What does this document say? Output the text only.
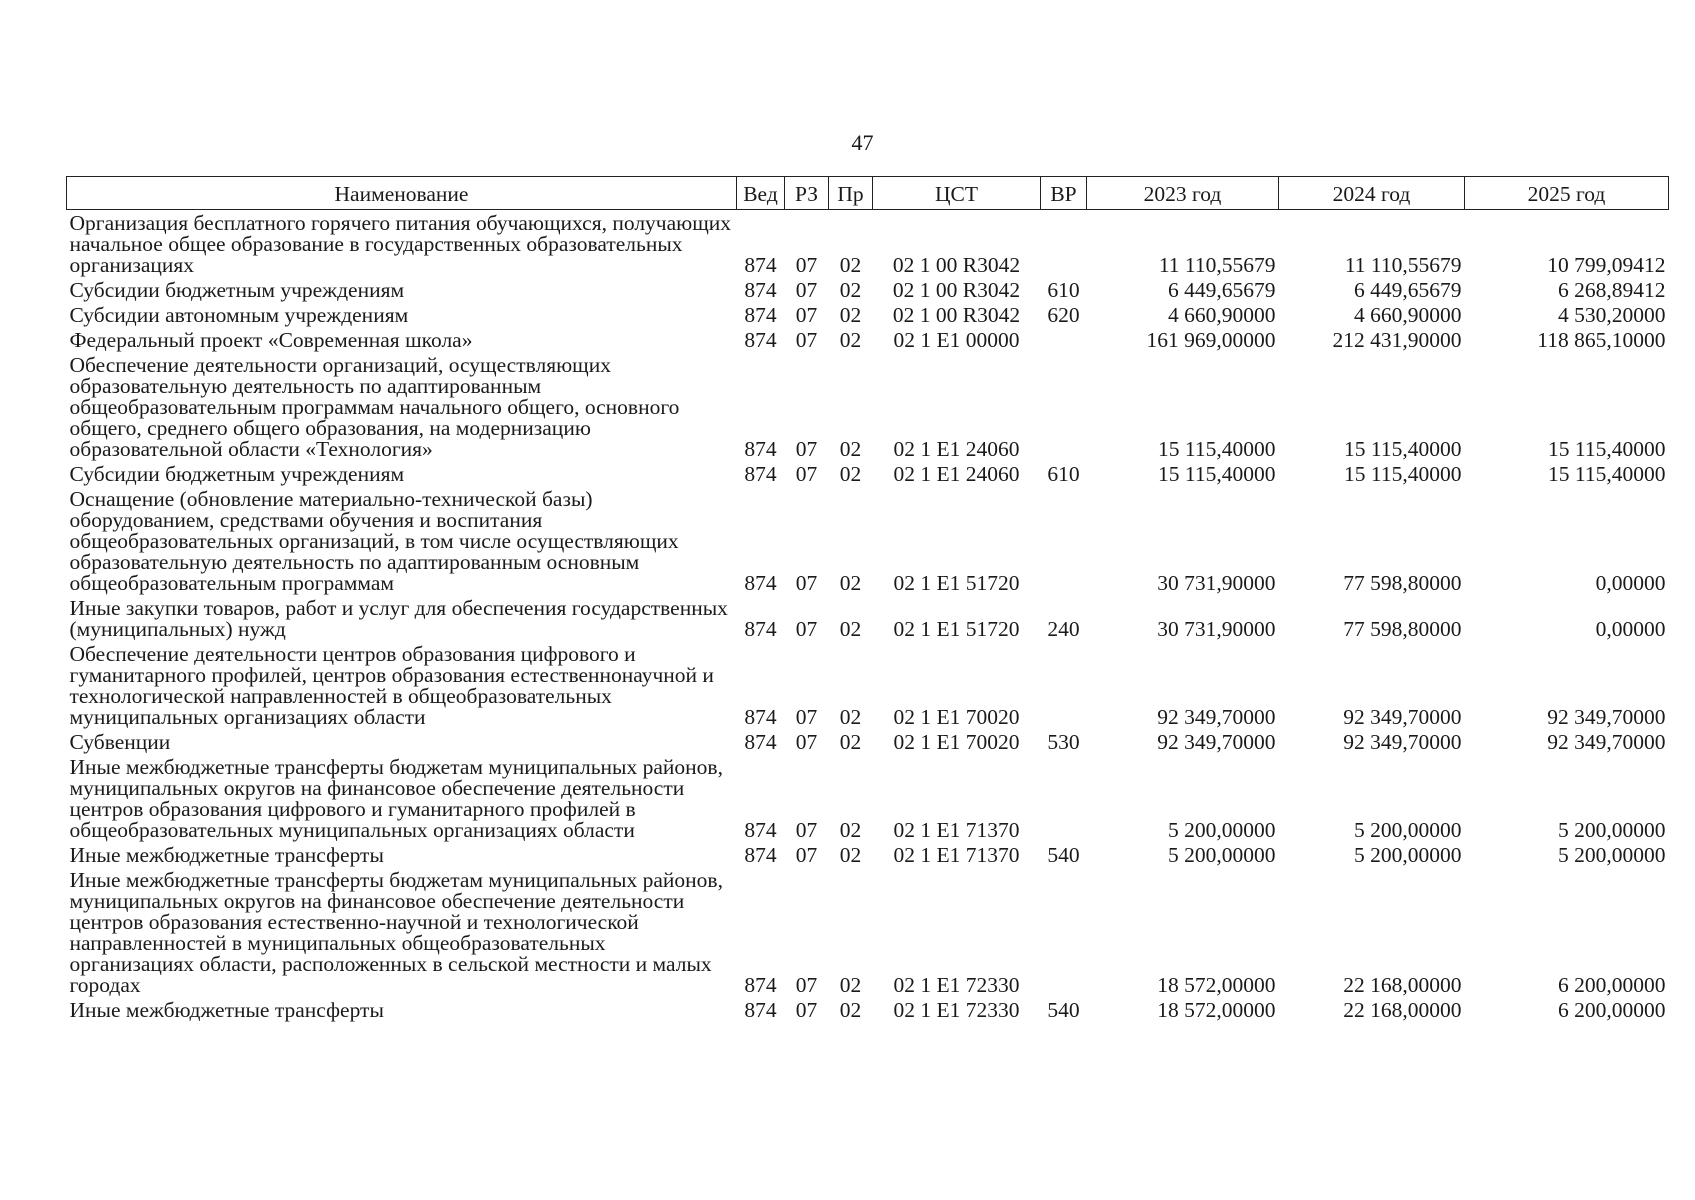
47
Наименование	Вед	РЗ	Пр	ЦСТ	ВР	2023 год	2024 год	2025 год
Организация бесплатного горячего питания обучающихся, получающих начальное общее образование в государственных образовательных организациях	874	07	02	02 1 00 R3042		11 110,55679	11 110,55679	10 799,09412
Субсидии бюджетным учреждениям	874	07	02	02 1 00 R3042	610	6 449,65679	6 449,65679	6 268,89412
Субсидии автономным учреждениям	874	07	02	02 1 00 R3042	620	4 660,90000	4 660,90000	4 530,20000
Федеральный проект «Современная школа»	874	07	02	02 1 E1 00000		161 969,00000	212 431,90000	118 865,10000
Обеспечение деятельности организаций, осуществляющих образовательную деятельность по адаптированным общеобразовательным программам начального общего, основного общего, среднего общего образования, на модернизацию образовательной области «Технология»	874	07	02	02 1 E1 24060		15 115,40000	15 115,40000	15 115,40000
Субсидии бюджетным учреждениям	874	07	02	02 1 E1 24060	610	15 115,40000	15 115,40000	15 115,40000
Оснащение (обновление материально-технической базы) оборудованием, средствами обучения и воспитания общеобразовательных организаций, в том числе осуществляющих образовательную деятельность по адаптированным основным общеобразовательным программам	874	07	02	02 1 E1 51720		30 731,90000	77 598,80000	0,00000
Иные закупки товаров, работ и услуг для обеспечения государственных (муниципальных) нужд	874	07	02	02 1 E1 51720	240	30 731,90000	77 598,80000	0,00000
Обеспечение деятельности центров образования цифрового и гуманитарного профилей, центров образования естественнонаучной и технологической направленностей в общеобразовательных муниципальных организациях области	874	07	02	02 1 E1 70020		92 349,70000	92 349,70000	92 349,70000
Субвенции	874	07	02	02 1 E1 70020	530	92 349,70000	92 349,70000	92 349,70000
Иные межбюджетные трансферты бюджетам муниципальных районов, муниципальных округов на финансовое обеспечение деятельности центров образования цифрового и гуманитарного профилей в общеобразовательных муниципальных организациях области	874	07	02	02 1 E1 71370		5 200,00000	5 200,00000	5 200,00000
Иные межбюджетные трансферты	874	07	02	02 1 E1 71370	540	5 200,00000	5 200,00000	5 200,00000
Иные межбюджетные трансферты бюджетам муниципальных районов, муниципальных округов на финансовое обеспечение деятельности центров образования естественно-научной и технологической направленностей в муниципальных общеобразовательных организациях области, расположенных в сельской местности и малых городах	874	07	02	02 1 E1 72330		18 572,00000	22 168,00000	6 200,00000
Иные межбюджетные трансферты	874	07	02	02 1 E1 72330	540	18 572,00000	22 168,00000	6 200,00000
